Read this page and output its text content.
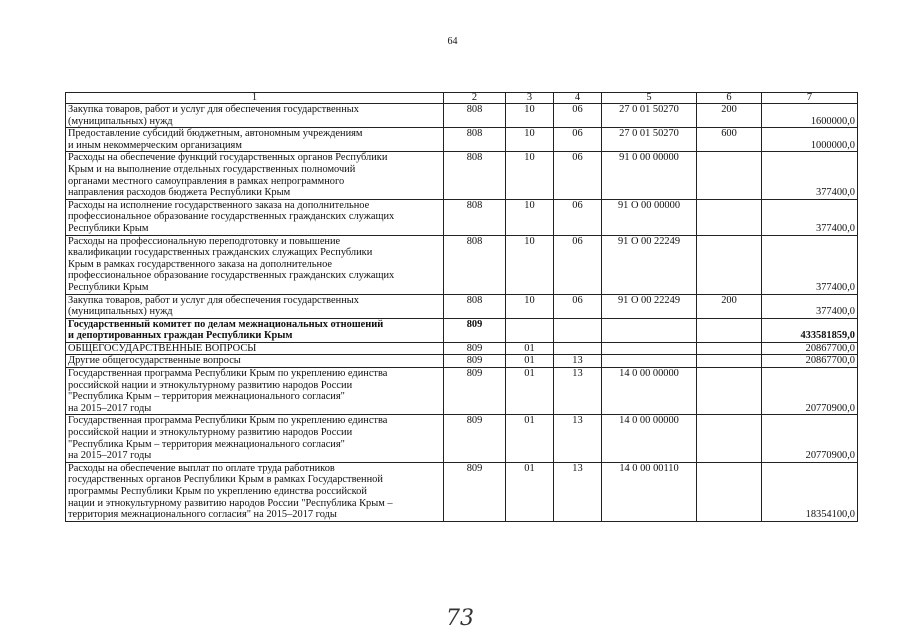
64
1	2	3	4	5	6	7
Закупка товаров, работ и услуг для обеспечения государственных
(муниципальных) нужд	808	10	06	27 0 01 50270	200	1600000,0
Предоставление субсидий бюджетным, автономным учреждениям
и иным некоммерческим организациям	808	10	06	27 0 01 50270	600	1000000,0
Расходы на обеспечение функций государственных органов Республики
Крым и на выполнение отдельных государственных полномочий
органами местного самоуправления в рамках непрограммного
направления расходов бюджета Республики Крым	808	10	06	91 0 00 00000		377400,0
Расходы на исполнение государственного заказа на дополнительное
профессиональное образование государственных гражданских служащих
Республики Крым	808	10	06	91 О 00 00000		377400,0
Расходы на профессиональную переподготовку и повышение
квалификации государственных гражданских служащих Республики
Крым в рамках государственного заказа на дополнительное
профессиональное образование государственных гражданских служащих
Республики Крым	808	10	06	91 О 00 22249		377400,0
Закупка товаров, работ и услуг для обеспечения государственных
(муниципальных) нужд	808	10	06	91 О 00 22249	200	377400,0
Государственный комитет по делам межнациональных отношений
и депортированных граждан Республики Крым	809					433581859,0
ОБЩЕГОСУДАРСТВЕННЫЕ ВОПРОСЫ	809	01				20867700,0
Другие общегосударственные вопросы	809	01	13			20867700,0
Государственная программа Республики Крым по укреплению единства
российской нации и этнокультурному развитию народов России
"Республика Крым – территория межнационального согласия"
на 2015–2017 годы	809	01	13	14 0 00 00000		20770900,0
Государственная программа Республики Крым по укреплению единства
российской нации и этнокультурному развитию народов России
"Республика Крым – территория межнационального согласия"
на 2015–2017 годы	809	01	13	14 0 00 00000		20770900,0
Расходы на обеспечение выплат по оплате труда работников
государственных органов Республики Крым в рамках Государственной
программы Республики Крым по укреплению единства российской
нации и этнокультурному развитию народов России "Республика Крым –
территория межнационального согласия" на 2015–2017 годы	809	01	13	14 0 00 00110		18354100,0
73
